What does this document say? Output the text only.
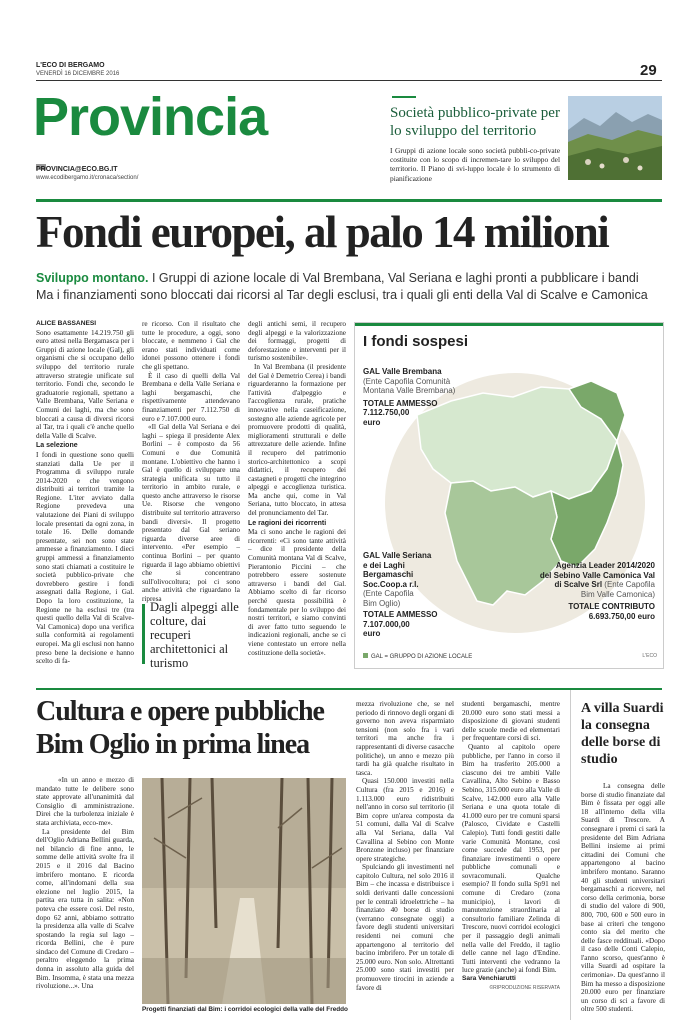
L'ECO DI BERGAMO
VENERDÌ 16 DICEMBRE 2016	29
Provincia
PROVINCIA@ECO.BG.IT
www.ecodibergamo.it/cronaca/section/
Società pubblico-private per lo sviluppo del territorio
I Gruppi di azione locale sono società pubbli-co-private costituite con lo scopo di incremen-tare lo sviluppo del territorio. Il Piano di svi-luppo locale è lo strumento di pianificazione
Fondi europei, al palo 14 milioni
Sviluppo montano. I Gruppi di azione locale di Val Brembana, Val Seriana e laghi pronti a pubblicare i bandi
Ma i finanziamenti sono bloccati dai ricorsi al Tar degli esclusi, tra i quali gli enti della Val di Scalve e Camonica
ALICE BASSANESI

Sono esattamente 14.219.750 gli euro attesi nella Bergamasca per i Gruppi di azione locale (Gal), gli organismi che si occupano dello sviluppo del territorio rurale attraverso strategie unificate sul territorio. Fondi che, secondo le graduatorie regionali, spettano a Valle Brembana, Valle Seriana e Comuni dei laghi, ma che sono bloccati a causa di diversi ricorsi al Tar, tra i quali c'è anche quello della Valle di Scalve.

La selezione

I fondi in questione sono quelli stanziati dalla Ue per il Programma di sviluppo rurale 2014-2020 e che vengono distribuiti ai territori tramite la Regione. L'iter avviato dalla Regione prevedeva una valutazione dei Piani di sviluppo locale presentati da ogni zona, in totale 16. Delle domande presentate, sei non sono state ammesse a finanziamento. I dieci gruppi ammessi a finanziamento sono stati chiamati a costituire le società pubblico-private che dovrebbero gestire i fondi assegnati dalla Regione, i Gal. Dopo la loro costituzione, la Regione ne ha esclusi tre (tra questi quello della Val di Scalve-Val Camonica) dopo una verifica sulla conformità ai regolamenti europei. Ma gli esclusi non hanno preso bene la decisione e hanno scelto di fa-

re ricorso. Con il risultato che tutte le procedure, a oggi, sono bloccate, e nemmeno i Gal che erano stati individuati come idonei possono ottenere i fondi che gli spettano.

È il caso di quelli della Val Brembana e della Valle Seriana e laghi bergamaschi, che rispettivamente attendevano finanziamenti per 7.112.750 di euro e 7.107.000 euro.

«Il Gal della Val Seriana e dei laghi – spiega il presidente Alex Borlini – è composto da 56 Comuni e due Comunità montane. L'obiettivo che hanno i Gal è quello di sviluppare una strategia unificata su tutto il territorio in ambito rurale, e questo anche attraverso le risorse Ue. Risorse che vengono distribuite sul territorio attraverso bandi diversi». Il progetto presentato dal Gal seriano riguarda diverse aree di intervento. «Per esempio – continua Borlini – per quanto riguarda il lago abbiamo obiettivi che si concentrano sull'olivocoltura; poi ci sono anche attività che riguardano la ripresa

Dagli alpeggi alle colture, dai recuperi architettonici al turismo

degli antichi semi, il recupero degli alpeggi e la valorizzazione dei formaggi, progetti di deforestazione e interventi per il turismo sostenibile».

In Val Brembana (il presidente del Gal è Demetrio Cerea) i bandi riguarderanno la formazione per l'attività d'alpeggio e l'accoglienza rurale, pratiche innovative nella caseificazione, sostegno alle aziende agricole per promuovere prodotti di qualità, miglioramenti strutturali e delle attrezzature delle aziende. Infine il recupero del patrimonio storico-architettonico a scopi didattici, il recupero dei castagneti e progetti che integrino alpeggi e accoglienza turistica. Ma anche qui, come in Val Seriana, tutto bloccato, in attesa del pronunciamento del Tar.

Le ragioni dei ricorrenti

Ma ci sono anche le ragioni dei ricorrenti: «Ci sono tante attività – dice il presidente della Comunità montana Val di Scalve, Pierantonio Piccini – che potrebbero essere sostenute attraverso i bandi del Gal. Abbiamo scelto di far ricorso perché questa possibilità è fondamentale per lo sviluppo dei nostri territori, e siamo convinti di aver fatto tutto seguendo le indicazioni regionali, anche se ci viene contestato un errore nella costituzione della società».

I fondi sospesi
GAL Valle Brembana
(Ente Capofila Comunità
Montana Valle Brembana)
TOTALE AMMESSO
7.112.750,00
euro
GAL Valle Seriana
e dei Laghi
Bergamaschi
Soc.Coop.a r.l.
(Ente Capofila
Bim Oglio)
TOTALE AMMESSO
7.107.000,00
euro
Agenzia Leader 2014/2020
del Sebino Valle Camonica Val
di Scalve Srl (Ente Capofila
Bim Valle Camonica)
TOTALE CONTRIBUTO
6.693.750,00 euro
GAL = GRUPPO DI AZIONE LOCALE	L'ECO
Cultura e opere pubbliche
Bim Oglio in prima linea

«In un anno e mezzo di mandato tutte le delibere sono state approvate all'unanimità dal Consiglio di amministrazione. Direi che la turbolenza iniziale è stata archiviata, ecco-me».

La presidente del Bim dell'Oglio Adriana Bellini guarda, nel bilancio di fine anno, le somme delle attività svolte fra il 2015 e il 2016 dal Bacino imbrifero montano. E ricorda come, all'indomani della sua elezione nel luglio 2015, la partita era tutta in salita: «Non poteva che essere così. Del resto, dopo 62 anni, abbiamo sottratto la presidenza alla valle di Scalve spostando la regia sul lago – ricorda Bellini, che è pure sindaco del Comune di Credaro – peraltro eleggendo la prima donna in assoluto alla guida del Bim. Insomma, è stata una mezza rivoluzione...». Una

Progetti finanziati dal Bim: i corridoi ecologici della valle del Freddo

mezza rivoluzione che, se nel periodo di rinnovo degli organi di governo non aveva risparmiato tensioni (non solo fra i vari territori ma anche fra i rappresentanti di diverse casacche politiche), un anno e mezzo più tardi ha già qualche risultato in tasca.

Quasi 150.000 investiti nella Cultura (fra 2015 e 2016) e 1.113.000 euro ridistribuiti nell'anno in corso sul territorio (il Bim copre un'area composta da 51 comuni, dalla Val di Scalve alla Val Seriana, dalla Val Cavallina al Sebino con Monte Bronzone incluso) per finanziare opere strategiche.

Spulciando gli investimenti nel capitolo Cultura, nel solo 2016 il Bim – che incassa e distribuisce i soldi derivanti dalle concessioni per le centrali idroelettriche – ha finanziato 40 borse di studio (verranno consegnate oggi) a favore degli studenti universitari residenti nei comuni che appartengono al territorio del bacino imbrifero. Per un totale di 25.000 euro. Non solo. Altrettanti 25.000 sono stati investiti per promuovere tirocini in aziende a favore di

studenti bergamaschi, mentre 20.000 euro sono stati messi a disposizione di giovani studenti delle scuole medie ed elementari per frequentare corsi di sci.

Quanto al capitolo opere pubbliche, per l'anno in corso il Bim ha trasferito 205.000 a ciascuno dei tre ambiti Valle Cavallina, Alto Sebino e Basso Sebino, 315.000 euro alla Valle di Scalve, 142.000 euro alla Valle Seriana e una quota totale di 41.000 euro per tre comuni sparsi (Palosco, Cividate e Castelli Calepio). Tutti fondi gestiti dalle varie Comunità Montane, così come succede dal 1953, per finanziare investimenti o opere pubbliche comunali e sovracomunali. Qualche esempio? Il fondo sulla Sp91 nel comune di Credaro (zona municipio), i lavori di manutenzione straordinaria al consultorio familiare Zelinda di Trescore, nuovi corridoi ecologici per il passaggio degli animali nella valle del Freddo, il taglio delle canne nel lago d'Endine. Tutti interventi che vedranno la luce grazie (anche) ai fondi Bim.

Sara Venchiarutti
©RIPRODUZIONE RISERVATA
A villa Suardi la consegna delle borse di studio
La consegna delle borse di studio finanziate dal Bim è fissata per oggi alle 18 all'interno della villa Suardi di Trescore. A consegnare i premi ci sarà la presidente del Bim Adriana Bellini insieme ai primi cittadini dei Comuni che appartengono al bacino imbrifero montano. Saranno 40 gli studenti universitari bergamaschi a ricevere, nel corso della cerimonia, borse di studio del valore di 900, 800, 700, 600 e 500 euro in base ai criteri che tengono conto sia del merito che delle fasce reddituali. «Dopo il caso delle Conti Calepio, l'anno scorso, quest'anno è villa Suardi ad ospitare la cerimonia». Da quest'anno il Bim ha messo a disposizione 20.000 euro per finanziare un corso di sci a favore di oltre 500 studenti.
